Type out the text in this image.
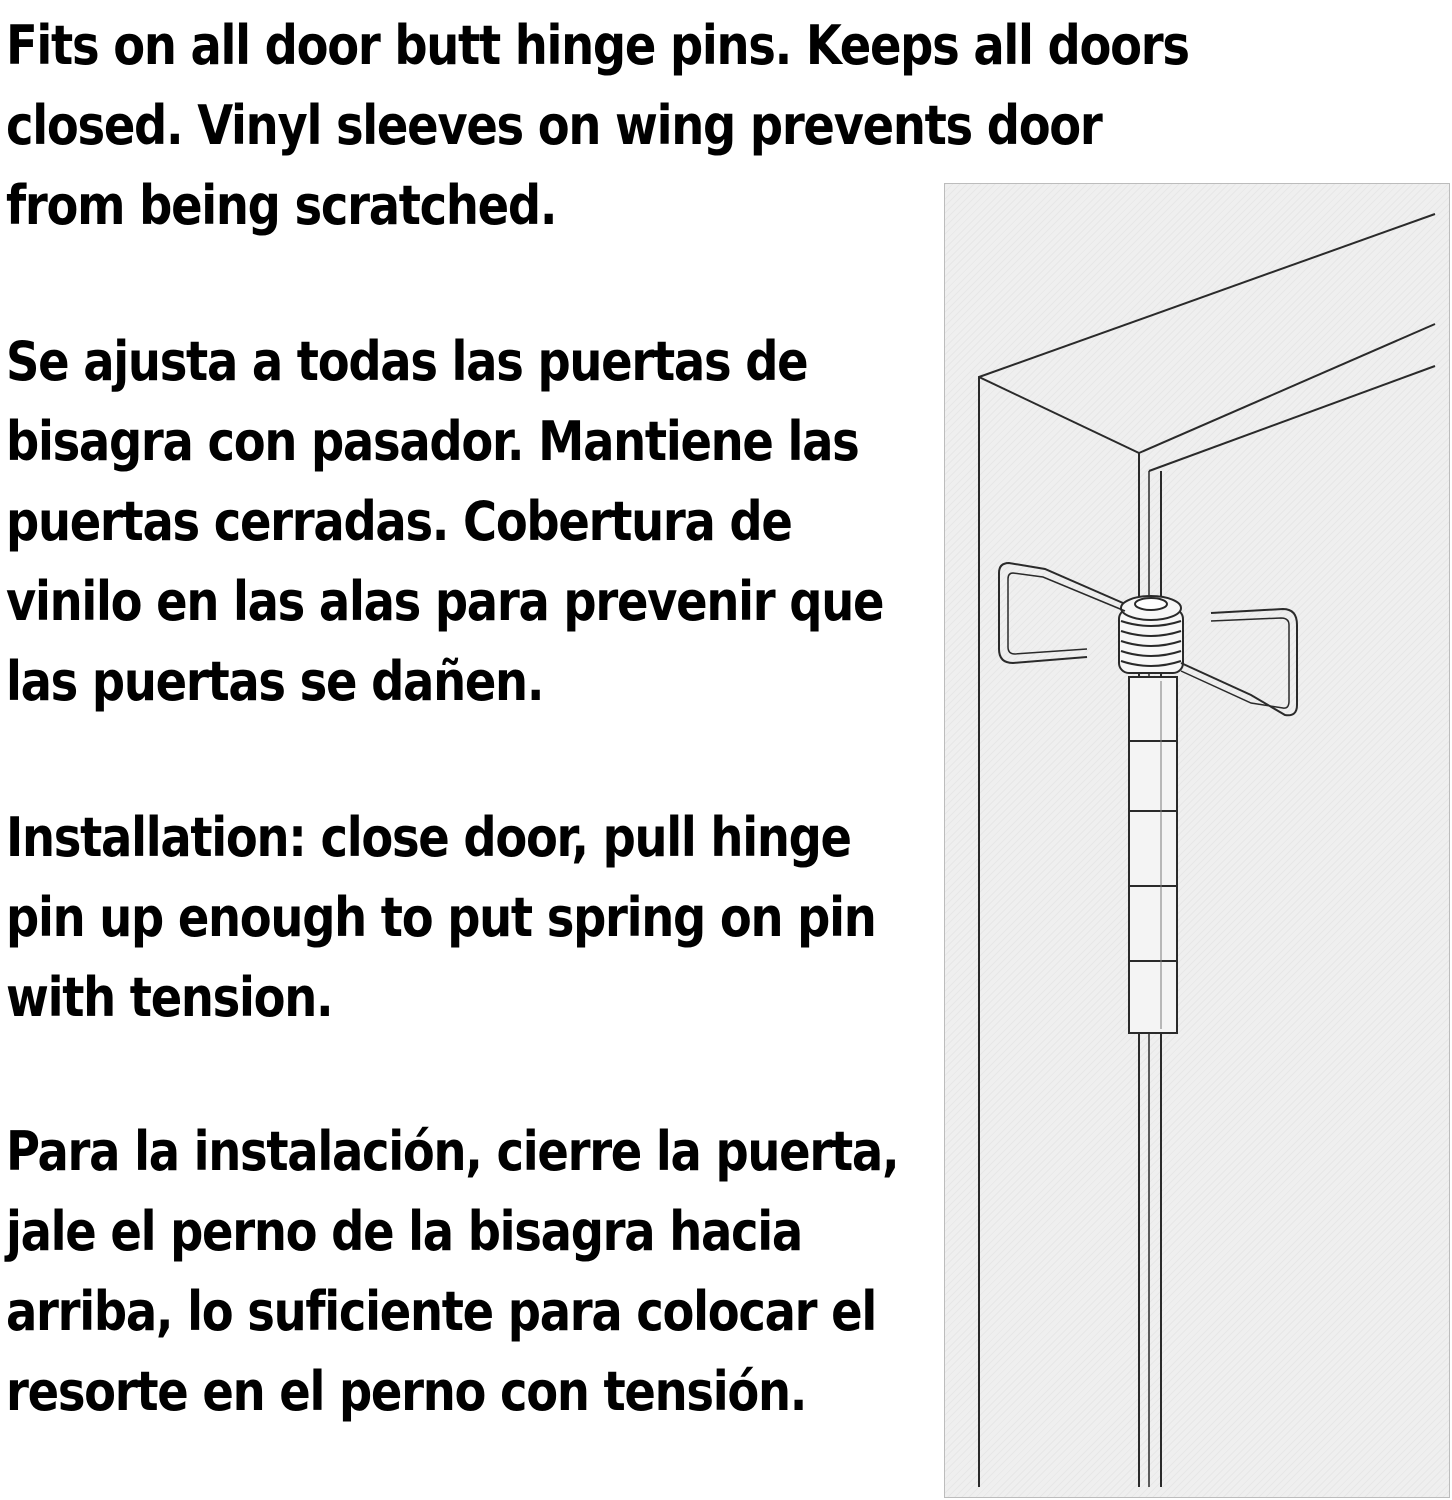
Fits on all door butt hinge pins. Keeps all doors closed. Vinyl sleeves on wing prevents door from being scratched.

Se ajusta a todas las puertas de bisagra con pasador. Mantiene las puertas cerradas. Cobertura de vinilo en las alas para prevenir que las puertas se dañen.

Installation: close door, pull hinge pin up enough to put spring on pin with tension.

Para la instalación, cierre la puerta, jale el perno de la bisagra hacia arriba, lo suficiente para colocar el resorte en el perno con tensión.
